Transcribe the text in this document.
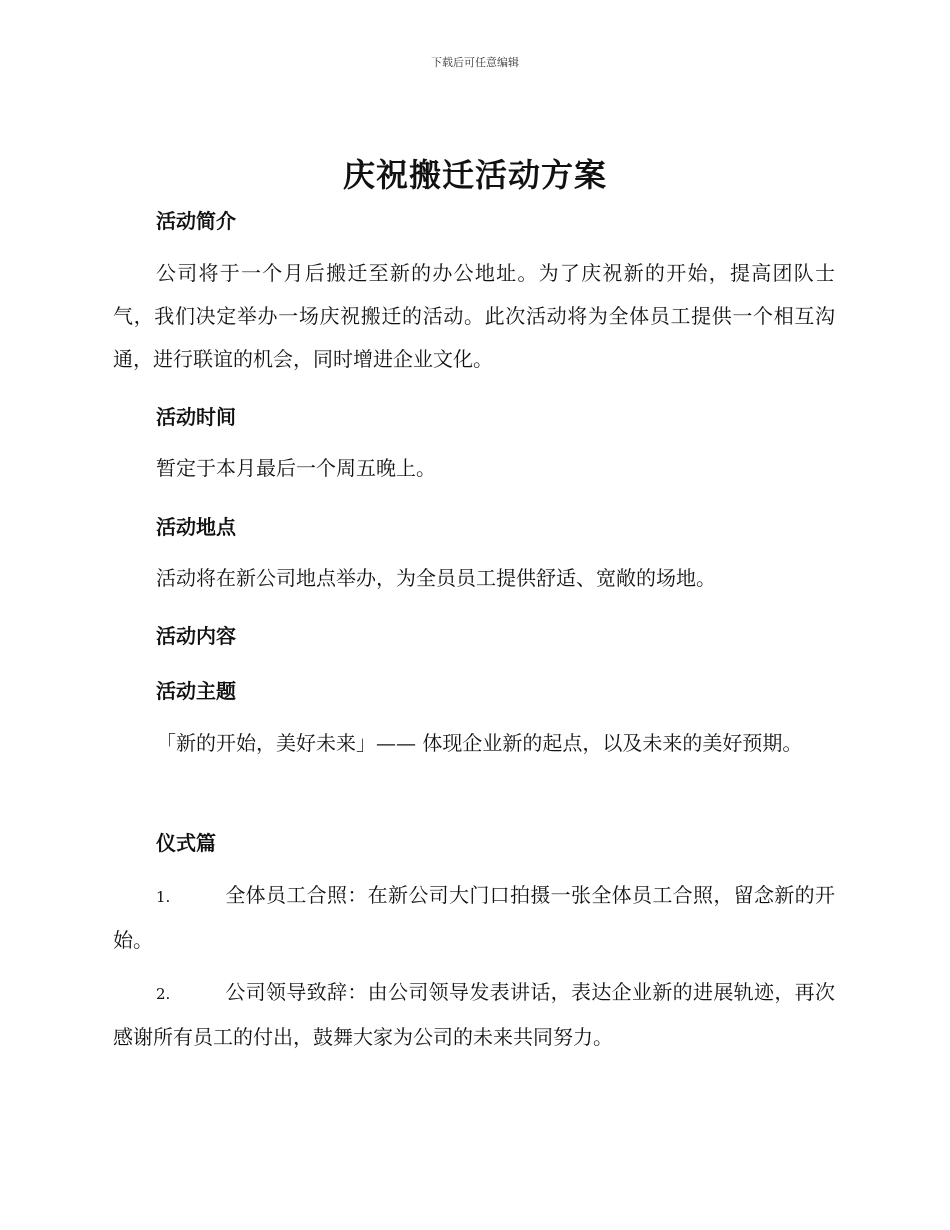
下载后可任意编辑
庆祝搬迁活动方案
活动简介
公司将于一个月后搬迁至新的办公地址。为了庆祝新的开始，提高团队士气，我们决定举办一场庆祝搬迁的活动。此次活动将为全体员工提供一个相互沟通，进行联谊的机会，同时增进企业文化。
活动时间
暂定于本月最后一个周五晚上。
活动地点
活动将在新公司地点举办，为全员员工提供舒适、宽敞的场地。
活动内容
活动主题
「新的开始，美好未来」—— 体现企业新的起点，以及未来的美好预期。
仪式篇
1.	全体员工合照：在新公司大门口拍摄一张全体员工合照，留念新的开始。
2.	公司领导致辞：由公司领导发表讲话，表达企业新的进展轨迹，再次感谢所有员工的付出，鼓舞大家为公司的未来共同努力。
